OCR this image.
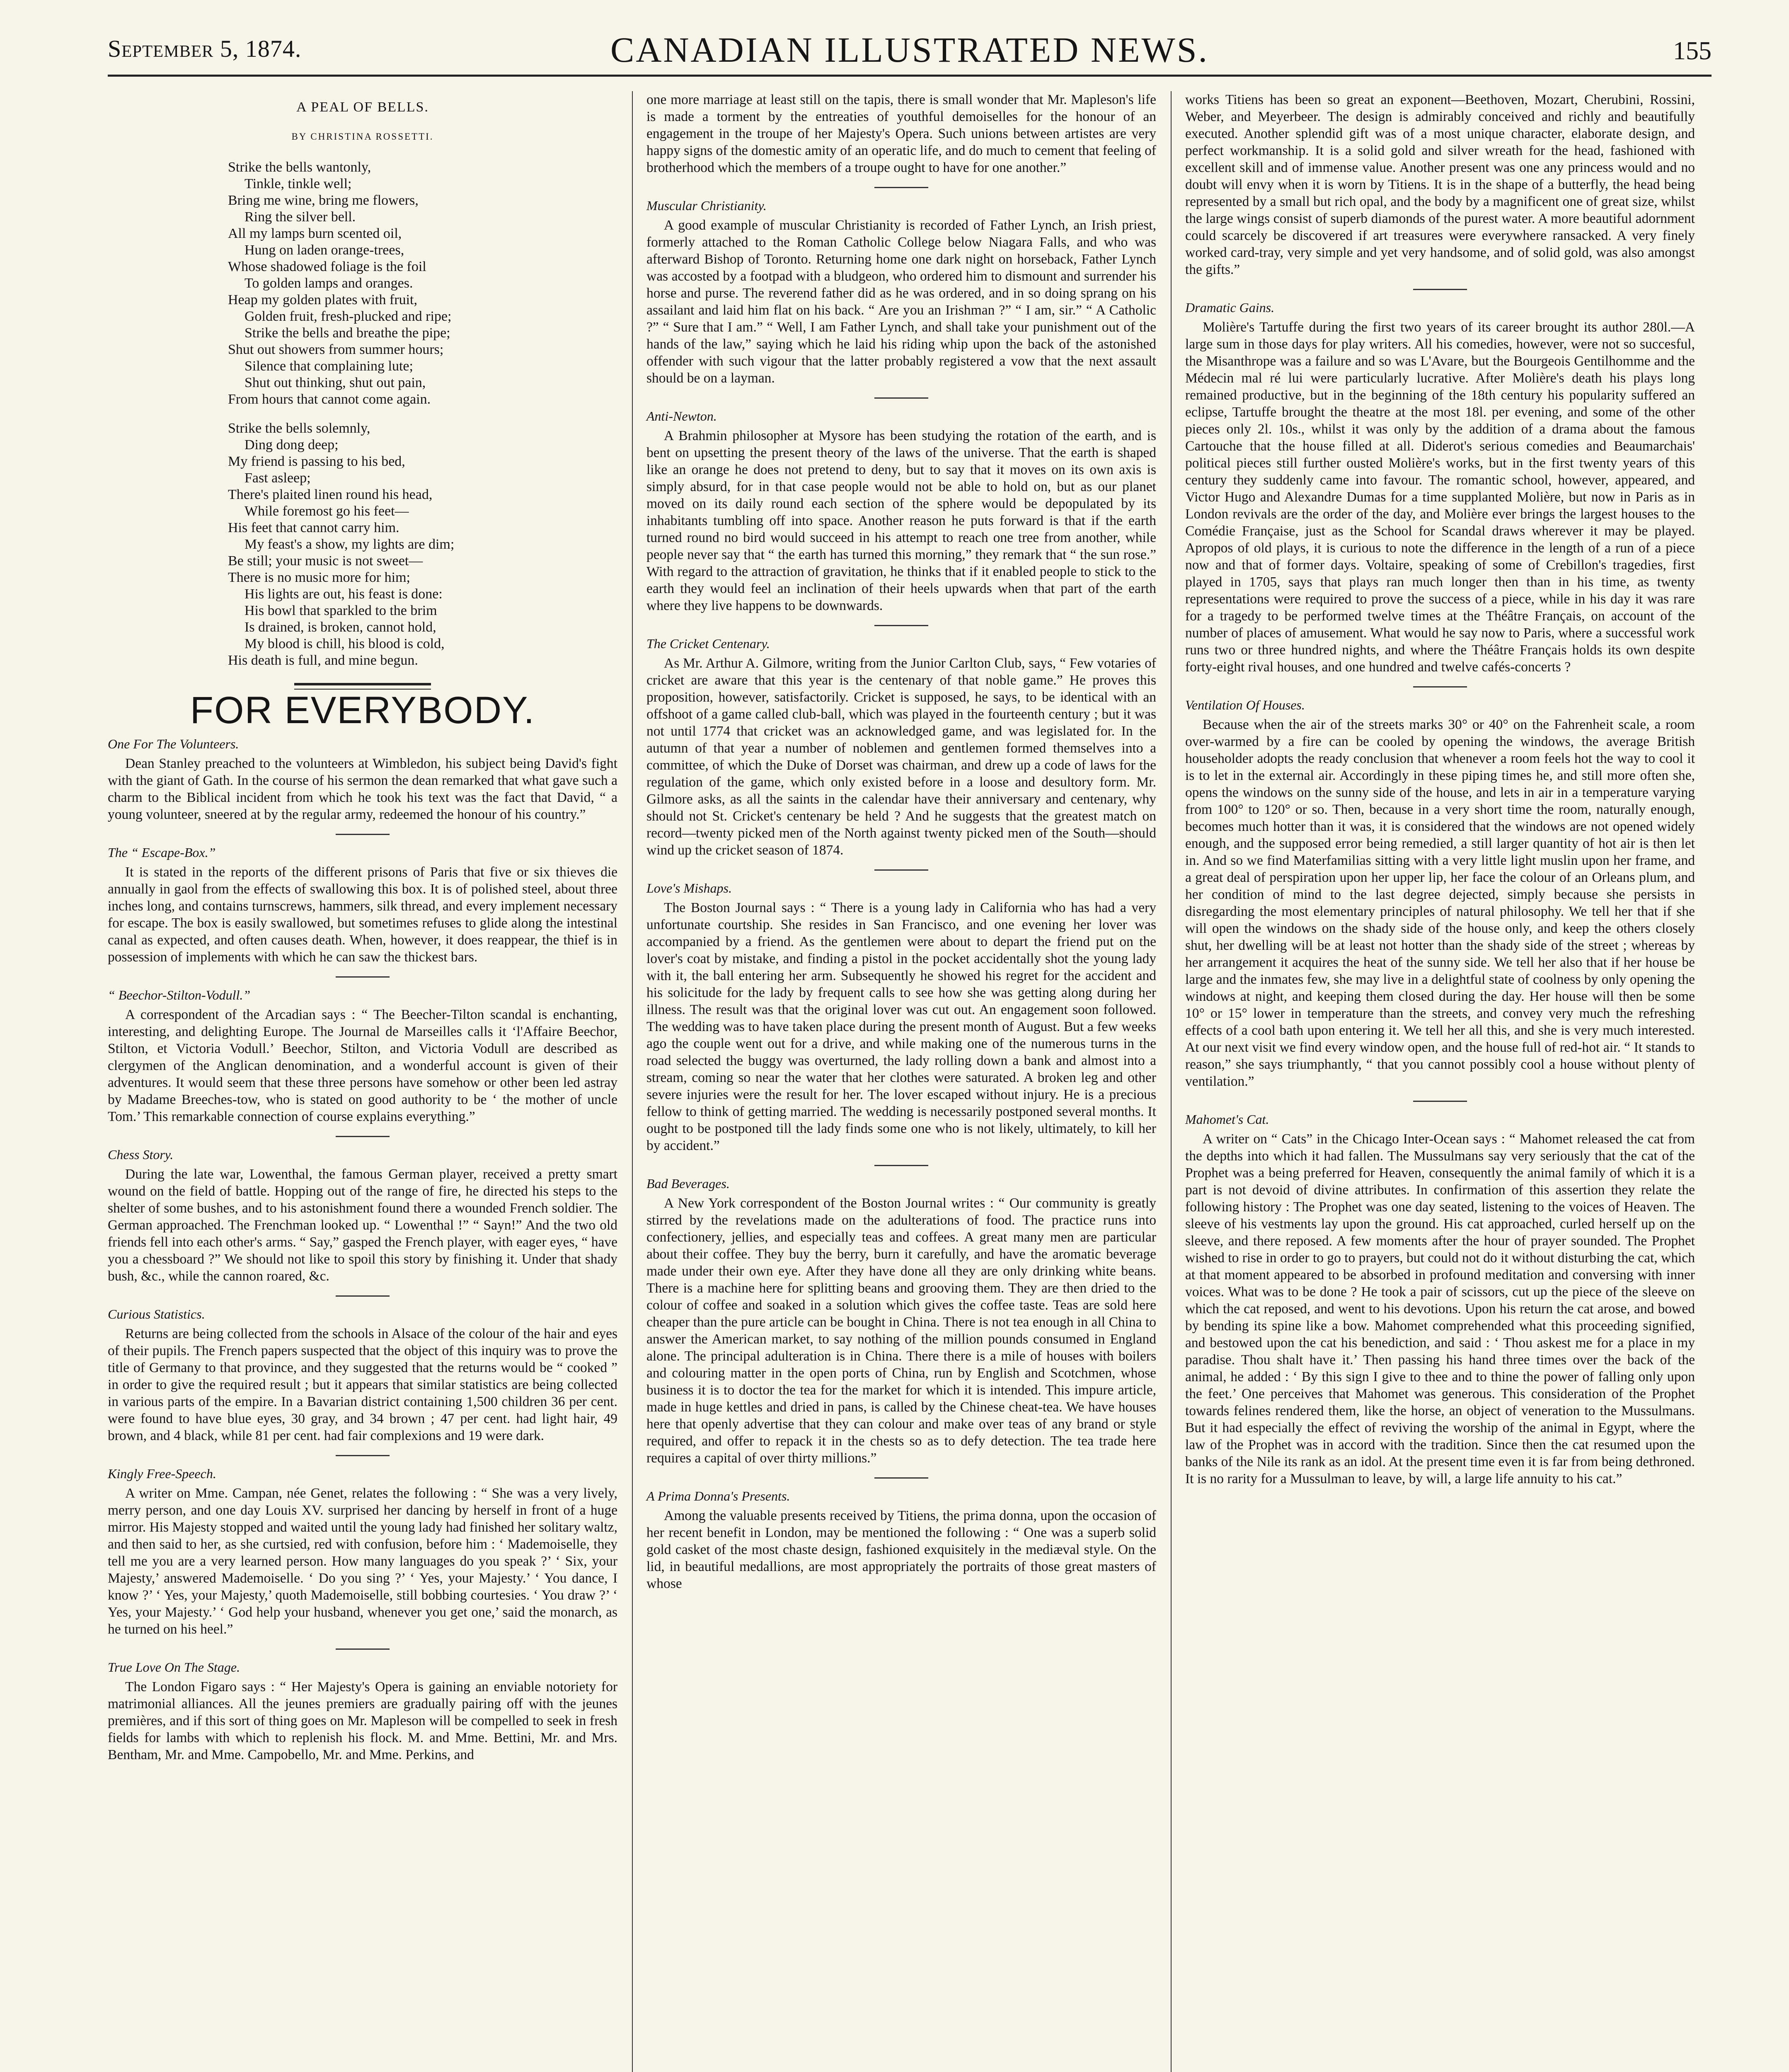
September 5, 1874.	CANADIAN ILLUSTRATED NEWS.	155
A PEAL OF BELLS.
BY CHRISTINA ROSSETTI.
Strike the bells wantonly,
Tinkle, tinkle well;
Bring me wine, bring me flowers,
Ring the silver bell.
All my lamps burn scented oil,
Hung on laden orange-trees,
Whose shadowed foliage is the foil
To golden lamps and oranges.
Heap my golden plates with fruit,
Golden fruit, fresh-plucked and ripe;
Strike the bells and breathe the pipe;
Shut out showers from summer hours;
Silence that complaining lute;
Shut out thinking, shut out pain,
From hours that cannot come again.
Strike the bells solemnly,
Ding dong deep;
My friend is passing to his bed,
Fast asleep;
There's plaited linen round his head,
While foremost go his feet—
His feet that cannot carry him.
My feast's a show, my lights are dim;
Be still; your music is not sweet—
There is no music more for him;
His lights are out, his feast is done:
His bowl that sparkled to the brim
Is drained, is broken, cannot hold,
My blood is chill, his blood is cold,
His death is full, and mine begun.
FOR EVERYBODY.
One For The Volunteers.

Dean Stanley preached to the volunteers at Wimbledon, his subject being David's fight with the giant of Gath. In the course of his sermon the dean remarked that what gave such a charm to the Biblical incident from which he took his text was the fact that David, “ a young volunteer, sneered at by the regular army, redeemed the honour of his country.”

The “ Escape-Box.”

It is stated in the reports of the different prisons of Paris that five or six thieves die annually in gaol from the effects of swallowing this box. It is of polished steel, about three inches long, and contains turnscrews, hammers, silk thread, and every implement necessary for escape. The box is easily swallowed, but sometimes refuses to glide along the intestinal canal as expected, and often causes death. When, however, it does reappear, the thief is in possession of implements with which he can saw the thickest bars.

“ Beechor-Stilton-Vodull.”

A correspondent of the Arcadian says : “ The Beecher-Tilton scandal is enchanting, interesting, and delighting Europe. The Journal de Marseilles calls it ‘l'Affaire Beechor, Stilton, et Victoria Vodull.’ Beechor, Stilton, and Victoria Vodull are described as clergymen of the Anglican denomination, and a wonderful account is given of their adventures. It would seem that these three persons have somehow or other been led astray by Madame Breeches-tow, who is stated on good authority to be ‘ the mother of uncle Tom.’ This remarkable connection of course explains everything.”

Chess Story.

During the late war, Lowenthal, the famous German player, received a pretty smart wound on the field of battle. Hopping out of the range of fire, he directed his steps to the shelter of some bushes, and to his astonishment found there a wounded French soldier. The German approached. The Frenchman looked up. “ Lowenthal !” “ Sayn!” And the two old friends fell into each other's arms. “ Say,” gasped the French player, with eager eyes, “ have you a chessboard ?” We should not like to spoil this story by finishing it. Under that shady bush, &c., while the cannon roared, &c.

Curious Statistics.

Returns are being collected from the schools in Alsace of the colour of the hair and eyes of their pupils. The French papers suspected that the object of this inquiry was to prove the title of Germany to that province, and they suggested that the returns would be “ cooked ” in order to give the required result ; but it appears that similar statistics are being collected in various parts of the empire. In a Bavarian district containing 1,500 children 36 per cent. were found to have blue eyes, 30 gray, and 34 brown ; 47 per cent. had light hair, 49 brown, and 4 black, while 81 per cent. had fair complexions and 19 were dark.

Kingly Free-Speech.

A writer on Mme. Campan, née Genet, relates the following : “ She was a very lively, merry person, and one day Louis XV. surprised her dancing by herself in front of a huge mirror. His Majesty stopped and waited until the young lady had finished her solitary waltz, and then said to her, as she curtsied, red with confusion, before him : ‘ Mademoiselle, they tell me you are a very learned person. How many languages do you speak ?’ ‘ Six, your Majesty,’ answered Mademoiselle. ‘ Do you sing ?’ ‘ Yes, your Majesty.’ ‘ You dance, I know ?’ ‘ Yes, your Majesty,’ quoth Mademoiselle, still bobbing courtesies. ‘ You draw ?’ ‘ Yes, your Majesty.’ ‘ God help your husband, whenever you get one,’ said the monarch, as he turned on his heel.”

True Love On The Stage.

The London Figaro says : “ Her Majesty's Opera is gaining an enviable notoriety for matrimonial alliances. All the jeunes premiers are gradually pairing off with the jeunes premières, and if this sort of thing goes on Mr. Mapleson will be compelled to seek in fresh fields for lambs with which to replenish his flock. M. and Mme. Bettini, Mr. and Mrs. Bentham, Mr. and Mme. Campobello, Mr. and Mme. Perkins, and

one more marriage at least still on the tapis, there is small wonder that Mr. Mapleson's life is made a torment by the entreaties of youthful demoiselles for the honour of an engagement in the troupe of her Majesty's Opera. Such unions between artistes are very happy signs of the domestic amity of an operatic life, and do much to cement that feeling of brotherhood which the members of a troupe ought to have for one another.”

Muscular Christianity.

A good example of muscular Christianity is recorded of Father Lynch, an Irish priest, formerly attached to the Roman Catholic College below Niagara Falls, and who was afterward Bishop of Toronto. Returning home one dark night on horseback, Father Lynch was accosted by a footpad with a bludgeon, who ordered him to dismount and surrender his horse and purse. The reverend father did as he was ordered, and in so doing sprang on his assailant and laid him flat on his back. “ Are you an Irishman ?” “ I am, sir.” “ A Catholic ?” “ Sure that I am.” “ Well, I am Father Lynch, and shall take your punishment out of the hands of the law,” saying which he laid his riding whip upon the back of the astonished offender with such vigour that the latter probably registered a vow that the next assault should be on a layman.

Anti-Newton.

A Brahmin philosopher at Mysore has been studying the rotation of the earth, and is bent on upsetting the present theory of the laws of the universe. That the earth is shaped like an orange he does not pretend to deny, but to say that it moves on its own axis is simply absurd, for in that case people would not be able to hold on, but as our planet moved on its daily round each section of the sphere would be depopulated by its inhabitants tumbling off into space. Another reason he puts forward is that if the earth turned round no bird would succeed in his attempt to reach one tree from another, while people never say that “ the earth has turned this morning,” they remark that “ the sun rose.” With regard to the attraction of gravitation, he thinks that if it enabled people to stick to the earth they would feel an inclination of their heels upwards when that part of the earth where they live happens to be downwards.

The Cricket Centenary.

As Mr. Arthur A. Gilmore, writing from the Junior Carlton Club, says, “ Few votaries of cricket are aware that this year is the centenary of that noble game.” He proves this proposition, however, satisfactorily. Cricket is supposed, he says, to be identical with an offshoot of a game called club-ball, which was played in the fourteenth century ; but it was not until 1774 that cricket was an acknowledged game, and was legislated for. In the autumn of that year a number of noblemen and gentlemen formed themselves into a committee, of which the Duke of Dorset was chairman, and drew up a code of laws for the regulation of the game, which only existed before in a loose and desultory form. Mr. Gilmore asks, as all the saints in the calendar have their anniversary and centenary, why should not St. Cricket's centenary be held ? And he suggests that the greatest match on record—twenty picked men of the North against twenty picked men of the South—should wind up the cricket season of 1874.

Love's Mishaps.

The Boston Journal says : “ There is a young lady in California who has had a very unfortunate courtship. She resides in San Francisco, and one evening her lover was accompanied by a friend. As the gentlemen were about to depart the friend put on the lover's coat by mistake, and finding a pistol in the pocket accidentally shot the young lady with it, the ball entering her arm. Subsequently he showed his regret for the accident and his solicitude for the lady by frequent calls to see how she was getting along during her illness. The result was that the original lover was cut out. An engagement soon followed. The wedding was to have taken place during the present month of August. But a few weeks ago the couple went out for a drive, and while making one of the numerous turns in the road selected the buggy was overturned, the lady rolling down a bank and almost into a stream, coming so near the water that her clothes were saturated. A broken leg and other severe injuries were the result for her. The lover escaped without injury. He is a precious fellow to think of getting married. The wedding is necessarily postponed several months. It ought to be postponed till the lady finds some one who is not likely, ultimately, to kill her by accident.”

Bad Beverages.

A New York correspondent of the Boston Journal writes : “ Our community is greatly stirred by the revelations made on the adulterations of food. The practice runs into confectionery, jellies, and especially teas and coffees. A great many men are particular about their coffee. They buy the berry, burn it carefully, and have the aromatic beverage made under their own eye. After they have done all they are only drinking white beans. There is a machine here for splitting beans and grooving them. They are then dried to the colour of coffee and soaked in a solution which gives the coffee taste. Teas are sold here cheaper than the pure article can be bought in China. There is not tea enough in all China to answer the American market, to say nothing of the million pounds consumed in England alone. The principal adulteration is in China. There there is a mile of houses with boilers and colouring matter in the open ports of China, run by English and Scotchmen, whose business it is to doctor the tea for the market for which it is intended. This impure article, made in huge kettles and dried in pans, is called by the Chinese cheat-tea. We have houses here that openly advertise that they can colour and make over teas of any brand or style required, and offer to repack it in the chests so as to defy detection. The tea trade here requires a capital of over thirty millions.”

A Prima Donna's Presents.

Among the valuable presents received by Titiens, the prima donna, upon the occasion of her recent benefit in London, may be mentioned the following : “ One was a superb solid gold casket of the most chaste design, fashioned exquisitely in the mediæval style. On the lid, in beautiful medallions, are most appropriately the portraits of those great masters of whose

works Titiens has been so great an exponent—Beethoven, Mozart, Cherubini, Rossini, Weber, and Meyerbeer. The design is admirably conceived and richly and beautifully executed. Another splendid gift was of a most unique character, elaborate design, and perfect workmanship. It is a solid gold and silver wreath for the head, fashioned with excellent skill and of immense value. Another present was one any princess would and no doubt will envy when it is worn by Titiens. It is in the shape of a butterfly, the head being represented by a small but rich opal, and the body by a magnificent one of great size, whilst the large wings consist of superb diamonds of the purest water. A more beautiful adornment could scarcely be discovered if art treasures were everywhere ransacked. A very finely worked card-tray, very simple and yet very handsome, and of solid gold, was also amongst the gifts.”

Dramatic Gains.

Molière's Tartuffe during the first two years of its career brought its author 280l.—A large sum in those days for play writers. All his comedies, however, were not so succesful, the Misanthrope was a failure and so was L'Avare, but the Bourgeois Gentilhomme and the Médecin mal ré lui were particularly lucrative. After Molière's death his plays long remained productive, but in the beginning of the 18th century his popularity suffered an eclipse, Tartuffe brought the theatre at the most 18l. per evening, and some of the other pieces only 2l. 10s., whilst it was only by the addition of a drama about the famous Cartouche that the house filled at all. Diderot's serious comedies and Beaumarchais' political pieces still further ousted Molière's works, but in the first twenty years of this century they suddenly came into favour. The romantic school, however, appeared, and Victor Hugo and Alexandre Dumas for a time supplanted Molière, but now in Paris as in London revivals are the order of the day, and Molière ever brings the largest houses to the Comédie Française, just as the School for Scandal draws wherever it may be played. Apropos of old plays, it is curious to note the difference in the length of a run of a piece now and that of former days. Voltaire, speaking of some of Crebillon's tragedies, first played in 1705, says that plays ran much longer then than in his time, as twenty representations were required to prove the success of a piece, while in his day it was rare for a tragedy to be performed twelve times at the Théâtre Français, on account of the number of places of amusement. What would he say now to Paris, where a successful work runs two or three hundred nights, and where the Théâtre Français holds its own despite forty-eight rival houses, and one hundred and twelve cafés-concerts ?

Ventilation Of Houses.

Because when the air of the streets marks 30° or 40° on the Fahrenheit scale, a room over-warmed by a fire can be cooled by opening the windows, the average British householder adopts the ready conclusion that whenever a room feels hot the way to cool it is to let in the external air. Accordingly in these piping times he, and still more often she, opens the windows on the sunny side of the house, and lets in air in a temperature varying from 100° to 120° or so. Then, because in a very short time the room, naturally enough, becomes much hotter than it was, it is considered that the windows are not opened widely enough, and the supposed error being remedied, a still larger quantity of hot air is then let in. And so we find Materfamilias sitting with a very little light muslin upon her frame, and a great deal of perspiration upon her upper lip, her face the colour of an Orleans plum, and her condition of mind to the last degree dejected, simply because she persists in disregarding the most elementary principles of natural philosophy. We tell her that if she will open the windows on the shady side of the house only, and keep the others closely shut, her dwelling will be at least not hotter than the shady side of the street ; whereas by her arrangement it acquires the heat of the sunny side. We tell her also that if her house be large and the inmates few, she may live in a delightful state of coolness by only opening the windows at night, and keeping them closed during the day. Her house will then be some 10° or 15° lower in temperature than the streets, and convey very much the refreshing effects of a cool bath upon entering it. We tell her all this, and she is very much interested. At our next visit we find every window open, and the house full of red-hot air. “ It stands to reason,” she says triumphantly, “ that you cannot possibly cool a house without plenty of ventilation.”

Mahomet's Cat.

A writer on “ Cats” in the Chicago Inter-Ocean says : “ Mahomet released the cat from the depths into which it had fallen. The Mussulmans say very seriously that the cat of the Prophet was a being preferred for Heaven, consequently the animal family of which it is a part is not devoid of divine attributes. In confirmation of this assertion they relate the following history : The Prophet was one day seated, listening to the voices of Heaven. The sleeve of his vestments lay upon the ground. His cat approached, curled herself up on the sleeve, and there reposed. A few moments after the hour of prayer sounded. The Prophet wished to rise in order to go to prayers, but could not do it without disturbing the cat, which at that moment appeared to be absorbed in profound meditation and conversing with inner voices. What was to be done ? He took a pair of scissors, cut up the piece of the sleeve on which the cat reposed, and went to his devotions. Upon his return the cat arose, and bowed by bending its spine like a bow. Mahomet comprehended what this proceeding signified, and bestowed upon the cat his benediction, and said : ‘ Thou askest me for a place in my paradise. Thou shalt have it.’ Then passing his hand three times over the back of the animal, he added : ‘ By this sign I give to thee and to thine the power of falling only upon the feet.’ One perceives that Mahomet was generous. This consideration of the Prophet towards felines rendered them, like the horse, an object of veneration to the Mussulmans. But it had especially the effect of reviving the worship of the animal in Egypt, where the law of the Prophet was in accord with the tradition. Since then the cat resumed upon the banks of the Nile its rank as an idol. At the present time even it is far from being dethroned. It is no rarity for a Mussulman to leave, by will, a large life annuity to his cat.”
